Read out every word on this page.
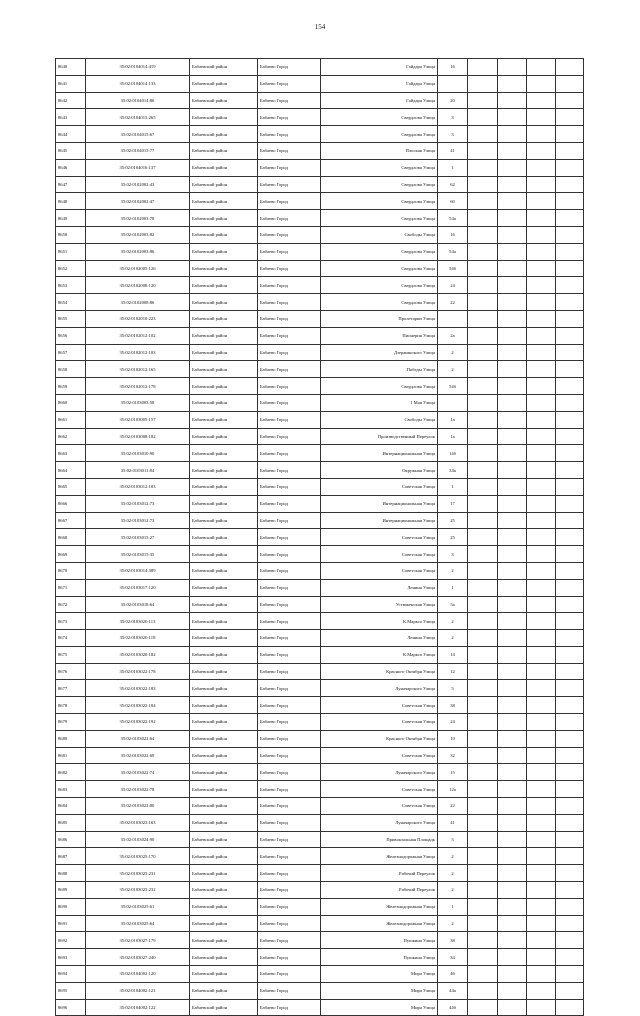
154
8640	35:02:0104014:419	Бабаевский район	Бабаево Город	Гайдара Улица	16				
8641	35:02:0104014:133	Бабаевский район	Бабаево Город	Гайдара Улица					
8642	35:02:0104014:86	Бабаевский район	Бабаево Город	Гайдара Улица	20				
8643	35:02:0104015:265	Бабаевский район	Бабаево Город	Свердлова Улица	3				
8644	35:02:0104015:67	Бабаевский район	Бабаево Город	Свердлова Улица	3				
8645	35:02:0104015:77	Бабаевский район	Бабаево Город	Плоская Улица	41				
8646	35:02:0104016:137	Бабаевский район	Бабаево Город	Свердлова Улица	1				
8647	35:02:0102002:43	Бабаевский район	Бабаево Город	Свердлова Улица	62				
8648	35:02:0102002:47	Бабаевский район	Бабаево Город	Свердлова Улица	60				
8649	35:02:0102003:78	Бабаевский район	Бабаево Город	Свердлова Улица	54а				
8650	35:02:0102003:82	Бабаевский район	Бабаево Город	Свободы Улица	16				
8651	35:02:0102003:86	Бабаевский район	Бабаево Город	Свердлова Улица	54а				
8652	35:02:0102005:126	Бабаевский район	Бабаево Город	Свердлова Улица	54б				
8653	35:02:0102008:120	Бабаевский район	Бабаево Город	Свердлова Улица	24				
8654	35:02:0102008:86	Бабаевский район	Бабаево Город	Свердлова Улица	22				
8655	35:02:0102010:223	Бабаевский район	Бабаево Город	Пролетарии Улица					
8656	35:02:0102012:102	Бабаевский район	Бабаево Город	Пионерия Улица	2а				
8657	35:02:0102012:103	Бабаевский район	Бабаево Город	Дзержинского Улица	2				
8658	35:02:0102012:165	Бабаевский район	Бабаево Город	Победы Улица	2				
8659	35:02:0102012:178	Бабаевский район	Бабаево Город	Свердлова Улица	54б				
8660	35:02:0103003:58	Бабаевский район	Бабаево Город	1 Мая Улица					
8661	35:02:0103005:157	Бабаевский район	Бабаево Город	Свободы Улица	1а				
8662	35:02:0103008:182	Бабаевский район	Бабаево Город	Производственный Переулок	1а				
8663	35:02:0103010:90	Бабаевский район	Бабаево Город	Интернациональная Улица	14б				
8664	35:02:0103011:84	Бабаевский район	Бабаево Город	Окружная Улица	34а				
8665	35:02:0103012:103	Бабаевский район	Бабаево Город	Советская Улица	1				
8666	35:02:0103012:73	Бабаевский район	Бабаево Город	Интернациональная Улица	17				
8667	35:02:0103012:73	Бабаевский район	Бабаево Город	Интернациональная Улица	25				
8668	35:02:0103015:27	Бабаевский район	Бабаево Город	Советская Улица	25				
8669	35:02:0103015:35	Бабаевский район	Бабаево Город	Советская Улица	3				
8670	35:02:0103014:389	Бабаевский район	Бабаево Город	Советская Улица	2				
8671	35:02:0103017:120	Бабаевский район	Бабаево Город	Ленина Улица	1				
8672	35:02:0103018:64	Бабаевский район	Бабаево Город	Устюженская Улица	5а				
8673	35:02:0103020:113	Бабаевский район	Бабаево Город	К.Маркса Улица	2				
8674	35:02:0103020:118	Бабаевский район	Бабаево Город	Ленина Улица	2				
8675	35:02:0103020:182	Бабаевский район	Бабаево Город	К.Маркса Улица	14				
8676	35:02:0103022:178	Бабаевский район	Бабаево Город	Красного Октября Улица	12				
8677	35:02:0103022:183	Бабаевский район	Бабаево Город	Луначарского Улица	5				
8678	35:02:0103022:184	Бабаевский район	Бабаево Город	Советская Улица	38				
8679	35:02:0103022:192	Бабаевский район	Бабаево Город	Советская Улица	24				
8680	35:02:0103022:64	Бабаевский район	Бабаево Город	Красного Октября Улица	10				
8681	35:02:0103022:69	Бабаевский район	Бабаево Город	Советская Улица	32				
8682	35:02:0103022:74	Бабаевский район	Бабаево Город	Луначарского Улица	15				
8683	35:02:0103022:78	Бабаевский район	Бабаево Город	Советская Улица	12а				
8684	35:02:0103022:80	Бабаевский район	Бабаево Город	Советская Улица	22				
8685	35:02:0103023:163	Бабаевский район	Бабаево Город	Луначарского Улица	41				
8686	35:02:0103024:90	Бабаевский район	Бабаево Город	Привокзальная Площадь	3				
8687	35:02:0103025:170	Бабаевский район	Бабаево Город	Железнодорожная Улица	2				
8688	35:02:0103025:231	Бабаевский район	Бабаево Город	Рабочий Переулок	2				
8689	35:02:0103025:232	Бабаевский район	Бабаево Город	Рабочий Переулок	2				
8690	35:02:0103025:61	Бабаевский район	Бабаево Город	Железнодорожная Улица	1				
8691	35:02:0103025:64	Бабаевский район	Бабаево Город	Железнодорожная Улица	2				
8692	35:02:0103027:179	Бабаевский район	Бабаево Город	Пушкина Улица	38				
8693	35:02:0103027:240	Бабаевский район	Бабаево Город	Пушкина Улица	34				
8694	35:02:0104002:120	Бабаевский район	Бабаево Город	Мира Улица	46				
8695	35:02:0104002:121	Бабаевский район	Бабаево Город	Мира Улица	44а				
8696	35:02:0104002:122	Бабаевский район	Бабаево Город	Мира Улица	44б				
